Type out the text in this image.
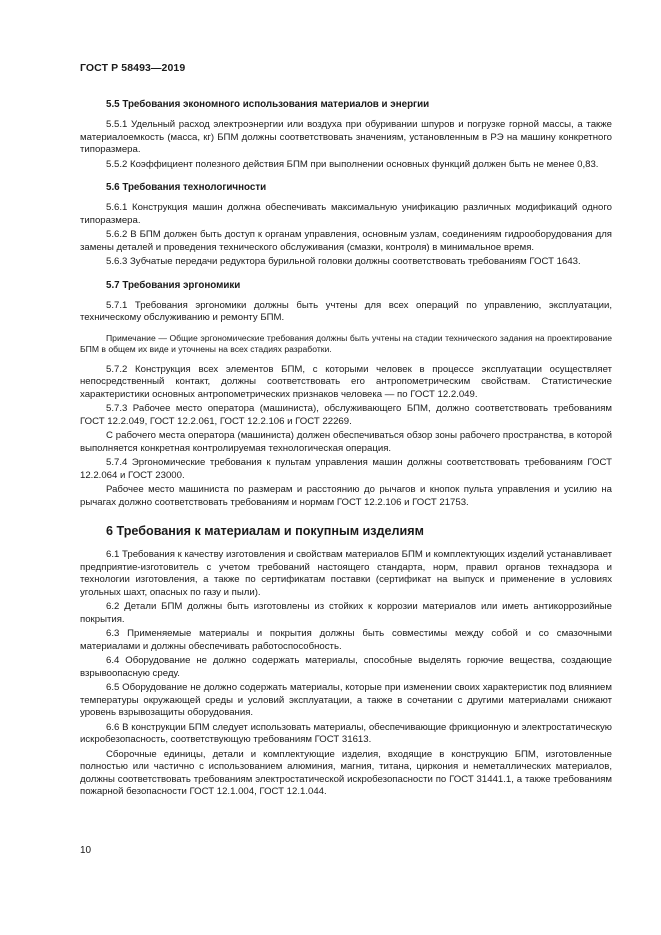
ГОСТ Р 58493—2019
5.5 Требования экономного использования материалов и энергии

5.5.1 Удельный расход электроэнергии или воздуха при обуривании шпуров и погрузке горной массы, а также материалоемкость (масса, кг) БПМ должны соответствовать значениям, установленным в РЭ на машину конкретного типоразмера.

5.5.2 Коэффициент полезного действия БПМ при выполнении основных функций должен быть не менее 0,83.

5.6 Требования технологичности

5.6.1 Конструкция машин должна обеспечивать максимальную унификацию различных модификаций одного типоразмера.

5.6.2 В БПМ должен быть доступ к органам управления, основным узлам, соединениям гидрооборудования для замены деталей и проведения технического обслуживания (смазки, контроля) в минимальное время.

5.6.3 Зубчатые передачи редуктора бурильной головки должны соответствовать требованиям ГОСТ 1643.

5.7 Требования эргономики

5.7.1 Требования эргономики должны быть учтены для всех операций по управлению, эксплуатации, техническому обслуживанию и ремонту БПМ.

Примечание — Общие эргономические требования должны быть учтены на стадии технического задания на проектирование БПМ в общем их виде и уточнены на всех стадиях разработки.

5.7.2 Конструкция всех элементов БПМ, с которыми человек в процессе эксплуатации осуществляет непосредственный контакт, должны соответствовать его антропометрическим свойствам. Статистические характеристики основных антропометрических признаков человека — по ГОСТ 12.2.049.

5.7.3 Рабочее место оператора (машиниста), обслуживающего БПМ, должно соответствовать требованиям ГОСТ 12.2.049, ГОСТ 12.2.061, ГОСТ 12.2.106 и ГОСТ 22269.

С рабочего места оператора (машиниста) должен обеспечиваться обзор зоны рабочего пространства, в которой выполняется конкретная контролируемая технологическая операция.

5.7.4 Эргономические требования к пультам управления машин должны соответствовать требованиям ГОСТ 12.2.064 и ГОСТ 23000.

Рабочее место машиниста по размерам и расстоянию до рычагов и кнопок пульта управления и усилию на рычагах должно соответствовать требованиям и нормам ГОСТ 12.2.106 и ГОСТ 21753.

6 Требования к материалам и покупным изделиям

6.1 Требования к качеству изготовления и свойствам материалов БПМ и комплектующих изделий устанавливает предприятие-изготовитель с учетом требований настоящего стандарта, норм, правил органов технадзора и технологии изготовления, а также по сертификатам поставки (сертификат на выпуск и применение в условиях угольных шахт, опасных по газу и пыли).

6.2 Детали БПМ должны быть изготовлены из стойких к коррозии материалов или иметь антикоррозийные покрытия.

6.3 Применяемые материалы и покрытия должны быть совместимы между собой и со смазочными материалами и должны обеспечивать работоспособность.

6.4 Оборудование не должно содержать материалы, способные выделять горючие вещества, создающие взрывоопасную среду.

6.5 Оборудование не должно содержать материалы, которые при изменении своих характеристик под влиянием температуры окружающей среды и условий эксплуатации, а также в сочетании с другими материалами снижают уровень взрывозащиты оборудования.

6.6 В конструкции БПМ следует использовать материалы, обеспечивающие фрикционную и электростатическую искробезопасность, соответствующую требованиям ГОСТ 31613.

Сборочные единицы, детали и комплектующие изделия, входящие в конструкцию БПМ, изготовленные полностью или частично с использованием алюминия, магния, титана, циркония и неметаллических материалов, должны соответствовать требованиям электростатической искробезопасности по ГОСТ 31441.1, а также требованиям пожарной безопасности ГОСТ 12.1.004, ГОСТ 12.1.044.

10
